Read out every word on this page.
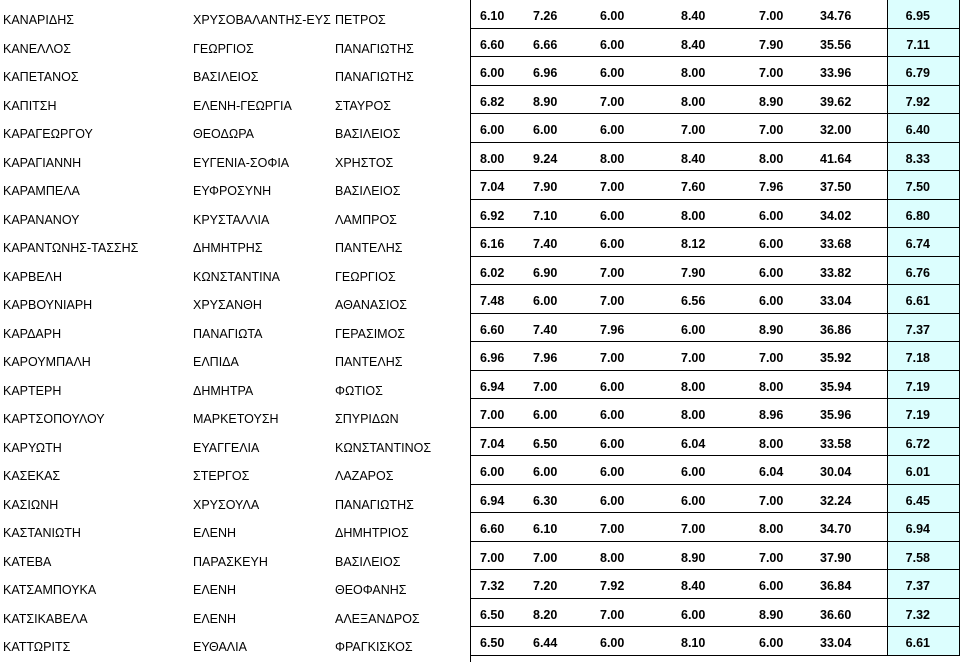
ΚΑΝΑΡΙΔΗΣ	ΧΡΥΣΟΒΑΛΑΝΤΗΣ-ΕΥΣ ΠΕΤΡΟΣ	6.10	7.26	6.00	8.40	7.00	34.76	6.95
ΚΑΝΕΛΛΟΣ	ΓΕΩΡΓΙΟΣ	ΠΑΝΑΓΙΩΤΗΣ	6.60	6.66	6.00	8.40	7.90	35.56	7.11
ΚΑΠΕΤΑΝΟΣ	ΒΑΣΙΛΕΙΟΣ	ΠΑΝΑΓΙΩΤΗΣ	6.00	6.96	6.00	8.00	7.00	33.96	6.79
ΚΑΠΙΤΣΗ	ΕΛΕΝΗ-ΓΕΩΡΓΙΑ	ΣΤΑΥΡΟΣ	6.82	8.90	7.00	8.00	8.90	39.62	7.92
ΚΑΡΑΓΕΩΡΓΟΥ	ΘΕΟΔΩΡΑ	ΒΑΣΙΛΕΙΟΣ	6.00	6.00	6.00	7.00	7.00	32.00	6.40
ΚΑΡΑΓΙΑΝΝΗ	ΕΥΓΕΝΙΑ-ΣΟΦΙΑ	ΧΡΗΣΤΟΣ	8.00	9.24	8.00	8.40	8.00	41.64	8.33
ΚΑΡΑΜΠΕΛΑ	ΕΥΦΡΟΣΥΝΗ	ΒΑΣΙΛΕΙΟΣ	7.04	7.90	7.00	7.60	7.96	37.50	7.50
ΚΑΡΑΝΑΝΟΥ	ΚΡΥΣΤΑΛΛΙΑ	ΛΑΜΠΡΟΣ	6.92	7.10	6.00	8.00	6.00	34.02	6.80
ΚΑΡΑΝΤΩΝΗΣ-ΤΑΣΣΗΣ	ΔΗΜΗΤΡΗΣ	ΠΑΝΤΕΛΗΣ	6.16	7.40	6.00	8.12	6.00	33.68	6.74
ΚΑΡΒΕΛΗ	ΚΩΝΣΤΑΝΤΙΝΑ	ΓΕΩΡΓΙΟΣ	6.02	6.90	7.00	7.90	6.00	33.82	6.76
ΚΑΡΒΟΥΝΙΑΡΗ	ΧΡΥΣΑΝΘΗ	ΑΘΑΝΑΣΙΟΣ	7.48	6.00	7.00	6.56	6.00	33.04	6.61
ΚΑΡΔΑΡΗ	ΠΑΝΑΓΙΩΤΑ	ΓΕΡΑΣΙΜΟΣ	6.60	7.40	7.96	6.00	8.90	36.86	7.37
ΚΑΡΟΥΜΠΑΛΗ	ΕΛΠΙΔΑ	ΠΑΝΤΕΛΗΣ	6.96	7.96	7.00	7.00	7.00	35.92	7.18
ΚΑΡΤΕΡΗ	ΔΗΜΗΤΡΑ	ΦΩΤΙΟΣ	6.94	7.00	6.00	8.00	8.00	35.94	7.19
ΚΑΡΤΣΟΠΟΥΛΟΥ	ΜΑΡΚΕΤΟΥΣΗ	ΣΠΥΡΙΔΩΝ	7.00	6.00	6.00	8.00	8.96	35.96	7.19
ΚΑΡΥΩΤΗ	ΕΥΑΓΓΕΛΙΑ	ΚΩΝΣΤΑΝΤΙΝΟΣ	7.04	6.50	6.00	6.04	8.00	33.58	6.72
ΚΑΣΕΚΑΣ	ΣΤΕΡΓΟΣ	ΛΑΖΑΡΟΣ	6.00	6.00	6.00	6.00	6.04	30.04	6.01
ΚΑΣΙΩΝΗ	ΧΡΥΣΟΥΛΑ	ΠΑΝΑΓΙΩΤΗΣ	6.94	6.30	6.00	6.00	7.00	32.24	6.45
ΚΑΣΤΑΝΙΩΤΗ	ΕΛΕΝΗ	ΔΗΜΗΤΡΙΟΣ	6.60	6.10	7.00	7.00	8.00	34.70	6.94
ΚΑΤΕΒΑ	ΠΑΡΑΣΚΕΥΗ	ΒΑΣΙΛΕΙΟΣ	7.00	7.00	8.00	8.90	7.00	37.90	7.58
ΚΑΤΣΑΜΠΟΥΚΑ	ΕΛΕΝΗ	ΘΕΟΦΑΝΗΣ	7.32	7.20	7.92	8.40	6.00	36.84	7.37
ΚΑΤΣΙΚΑΒΕΛΑ	ΕΛΕΝΗ	ΑΛΕΞΑΝΔΡΟΣ	6.50	8.20	7.00	6.00	8.90	36.60	7.32
ΚΑΤΤΩΡΙΤΣ	ΕΥΘΑΛΙΑ	ΦΡΑΓΚΙΣΚΟΣ	6.50	6.44	6.00	8.10	6.00	33.04	6.61
